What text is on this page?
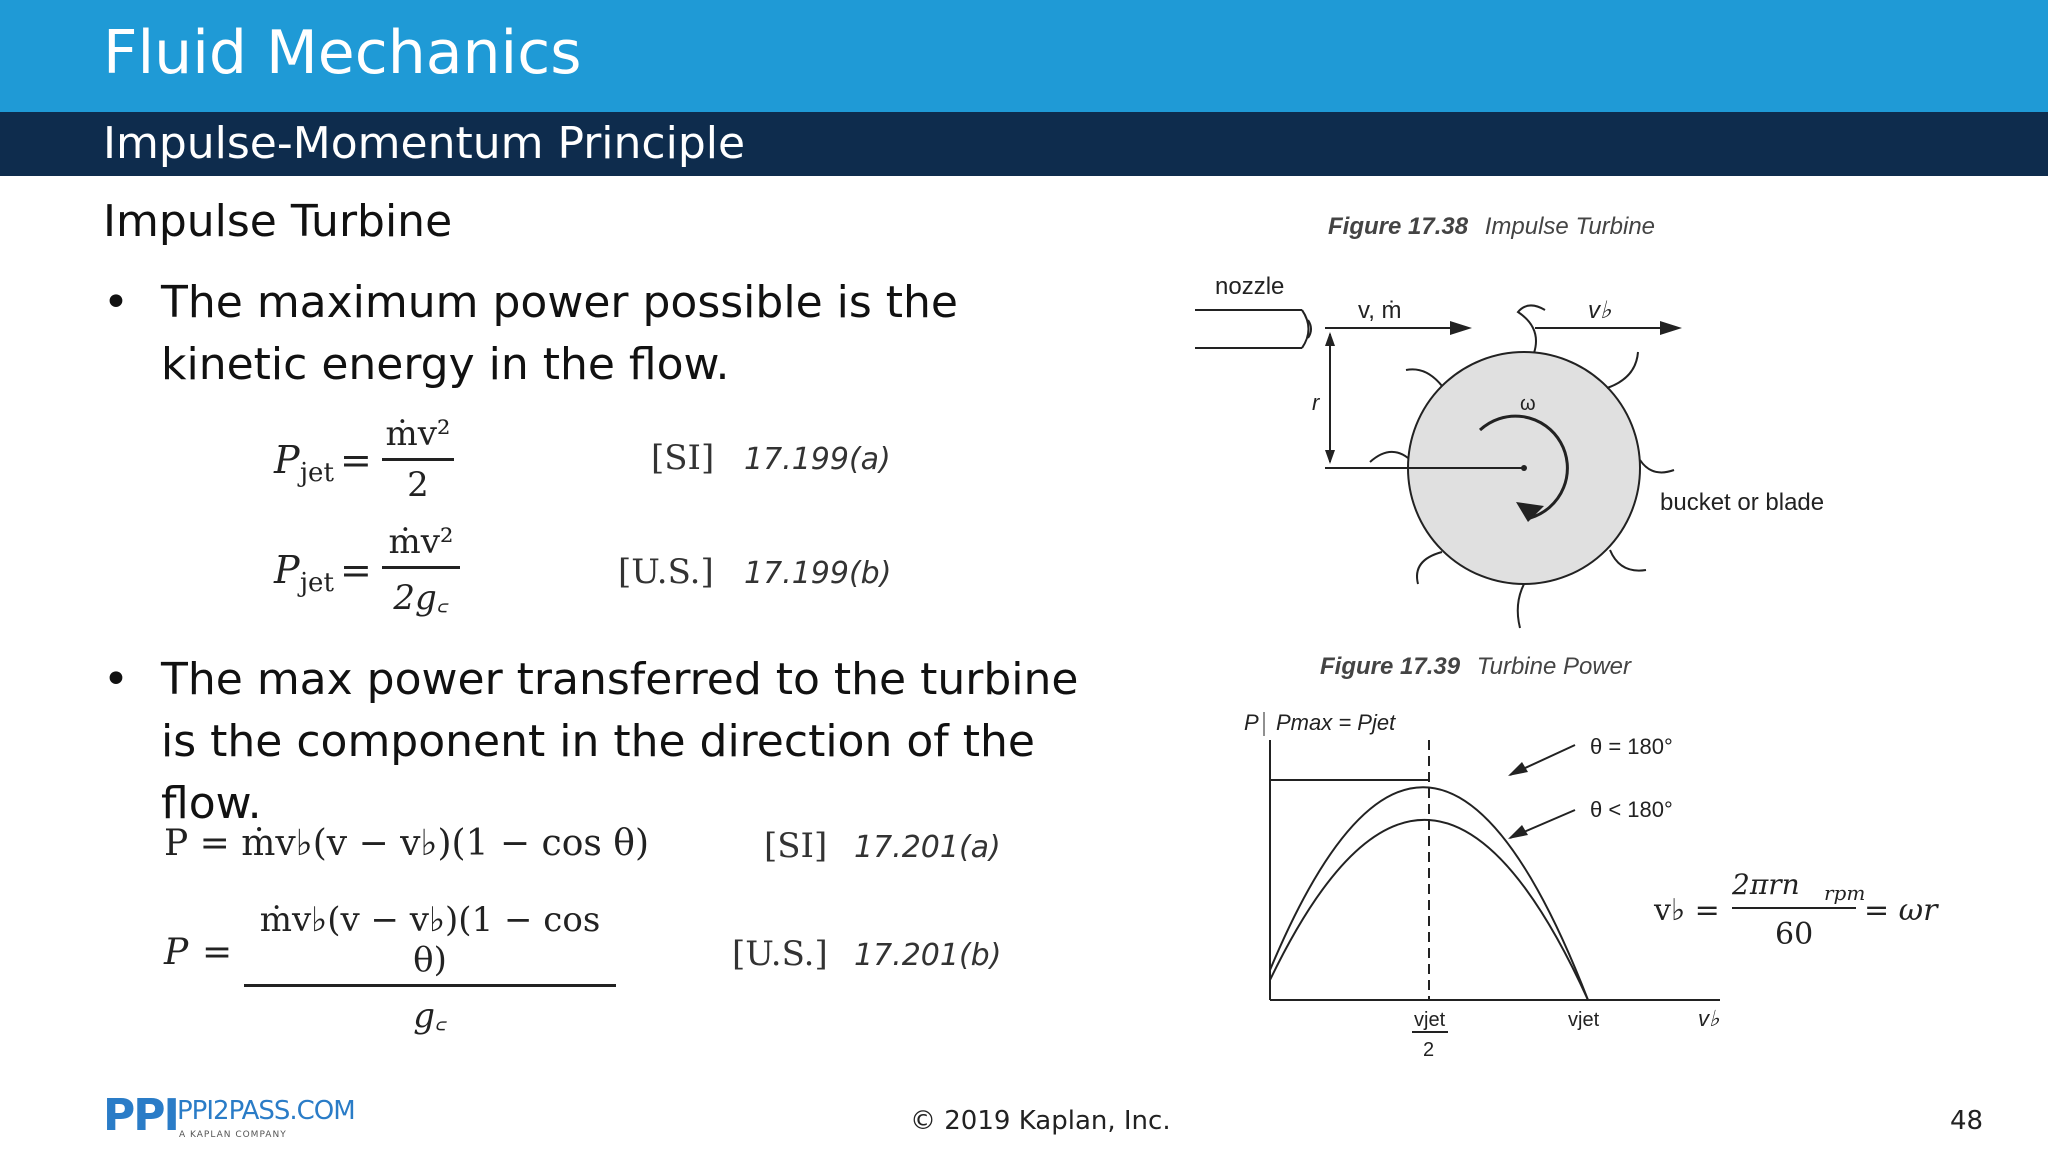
Fluid Mechanics
Impulse-Momentum Principle
Impulse Turbine
• The maximum power possible is the kinetic energy in the flow.
P jet =
ṁv²
2
[SI] 17.199(a)
P jet =
ṁv²
2g꜀
[U.S.] 17.199(b)
• The max power transferred to the turbine is the component in the direction of the flow.
P = ṁv♭(v − v♭)(1 − cos θ)	[SI] 17.201(a)
P =
ṁv♭(v − v♭)(1 − cos θ)
g꜀
[U.S.] 17.201(b)
Figure 17.38 Impulse Turbine
nozzle
v, ṁ	v♭
r	ω
bucket or blade
Figure 17.39 Turbine Power
P Pmax = Pjet
θ = 180°
θ < 180°
vjet
2
vjet	v♭
v♭ =
2πrn rpm
60
= ωr
PPI PPI2PASS.COM
A KAPLAN COMPANY	© 2019 Kaplan, Inc.	48
